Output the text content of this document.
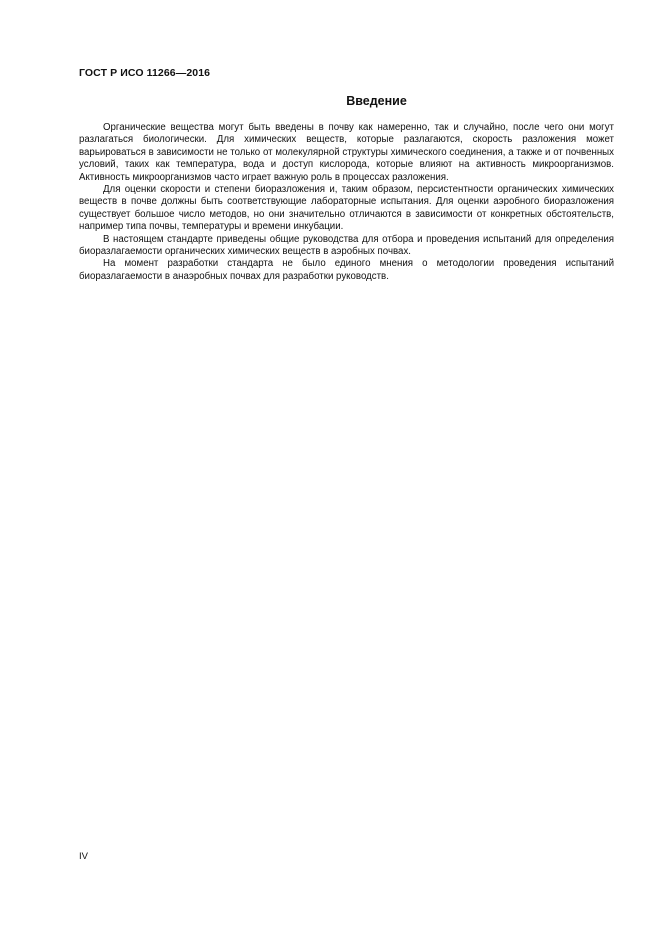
ГОСТ Р ИСО 11266—2016
Введение

Органические вещества могут быть введены в почву как намеренно, так и случайно, после чего они могут разлагаться биологически. Для химических веществ, которые разлагаются, скорость разложения может варьироваться в зависимости не только от молекулярной структуры химического соединения, а также и от почвенных условий, таких как температура, вода и доступ кислорода, которые влияют на активность микроорганизмов. Активность микроорганизмов часто играет важную роль в процессах разложения.

Для оценки скорости и степени биоразложения и, таким образом, персистентности органических химических веществ в почве должны быть соответствующие лабораторные испытания. Для оценки аэробного биоразложения существует большое число методов, но они значительно отличаются в зависимости от конкретных обстоятельств, например типа почвы, температуры и времени инкубации.

В настоящем стандарте приведены общие руководства для отбора и проведения испытаний для определения биоразлагаемости органических химических веществ в аэробных почвах.

На момент разработки стандарта не было единого мнения о методологии проведения испытаний биоразлагаемости в анаэробных почвах для разработки руководств.

IV
